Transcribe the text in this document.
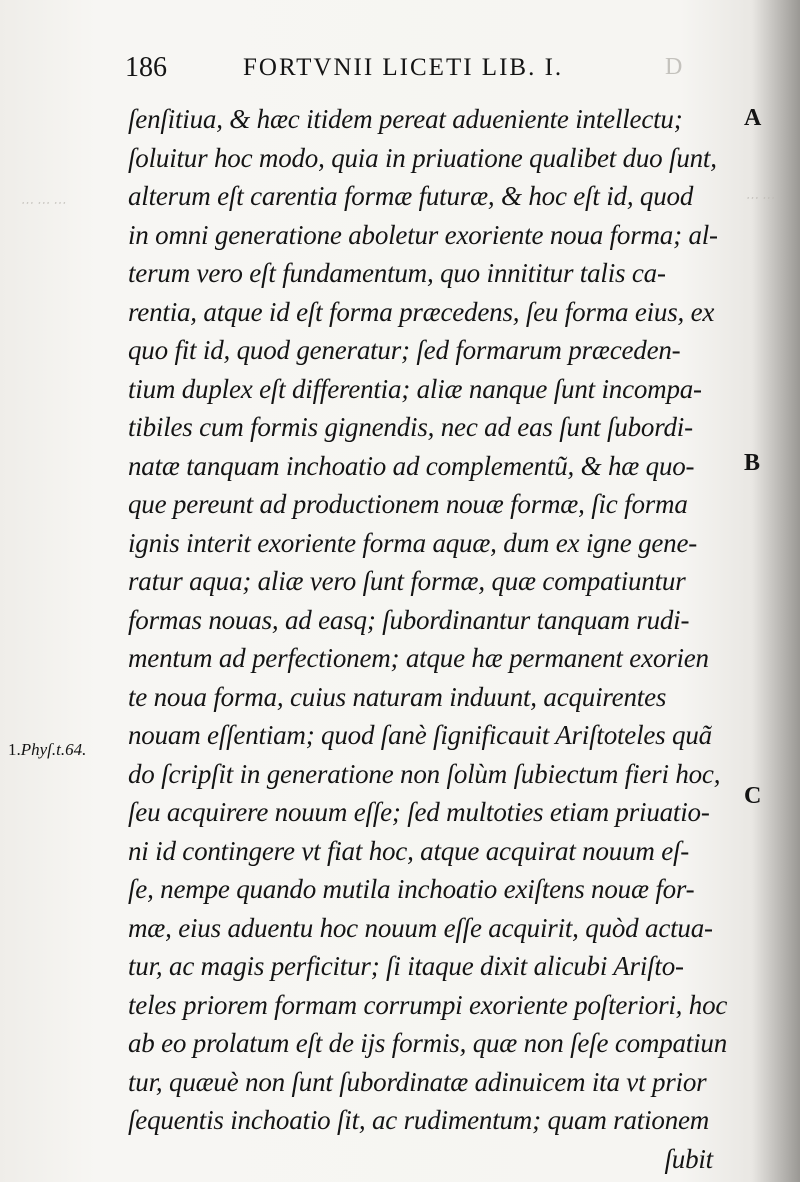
⋯ ⋯ ⋯	⋯ ⋯
186	FORTVNII LICETI LIB. I.	D
ſenſitiua, & hæc itidem pereat adueniente intellectu;
ſoluitur hoc modo, quia in priuatione qualibet duo ſunt,
alterum eſt carentia formæ futuræ, & hoc eſt id, quod
in omni generatione aboletur exoriente noua forma; al-
terum vero eſt fundamentum, quo innititur talis ca-
rentia, atque id eſt forma præcedens, ſeu forma eius, ex
quo fit id, quod generatur; ſed formarum præceden-
tium duplex eſt differentia; aliæ nanque ſunt incompa-
tibiles cum formis gignendis, nec ad eas ſunt ſubordi-
natæ tanquam inchoatio ad complementũ, & hæ quo-
que pereunt ad productionem nouæ formæ, ſic forma
ignis interit exoriente forma aquæ, dum ex igne gene-
ratur aqua; aliæ vero ſunt formæ, quæ compatiuntur
formas nouas, ad easq; ſubordinantur tanquam rudi-
mentum ad perfectionem; atque hæ permanent exorien
te noua forma, cuius naturam induunt, acquirentes
nouam eſſentiam; quod ſanè ſignificauit Ariſtoteles quã
do ſcripſit in generatione non ſolùm ſubiectum fieri hoc,
ſeu acquirere nouum eſſe; ſed multoties etiam priuatio-
ni id contingere vt fiat hoc, atque acquirat nouum eſ-
ſe, nempe quando mutila inchoatio exiſtens nouæ for-
mæ, eius aduentu hoc nouum eſſe acquirit, quòd actua-
tur, ac magis perficitur; ſi itaque dixit alicubi Ariſto-
teles priorem formam corrumpi exoriente poſteriori, hoc
ab eo prolatum eſt de ijs formis, quæ non ſeſe compatiun
tur, quæuè non ſunt ſubordinatæ adinuicem ita vt prior
ſequentis inchoatio ſit, ac rudimentum; quam rationem
ſubit
A
B
C
1.Phyſ.t.64.
